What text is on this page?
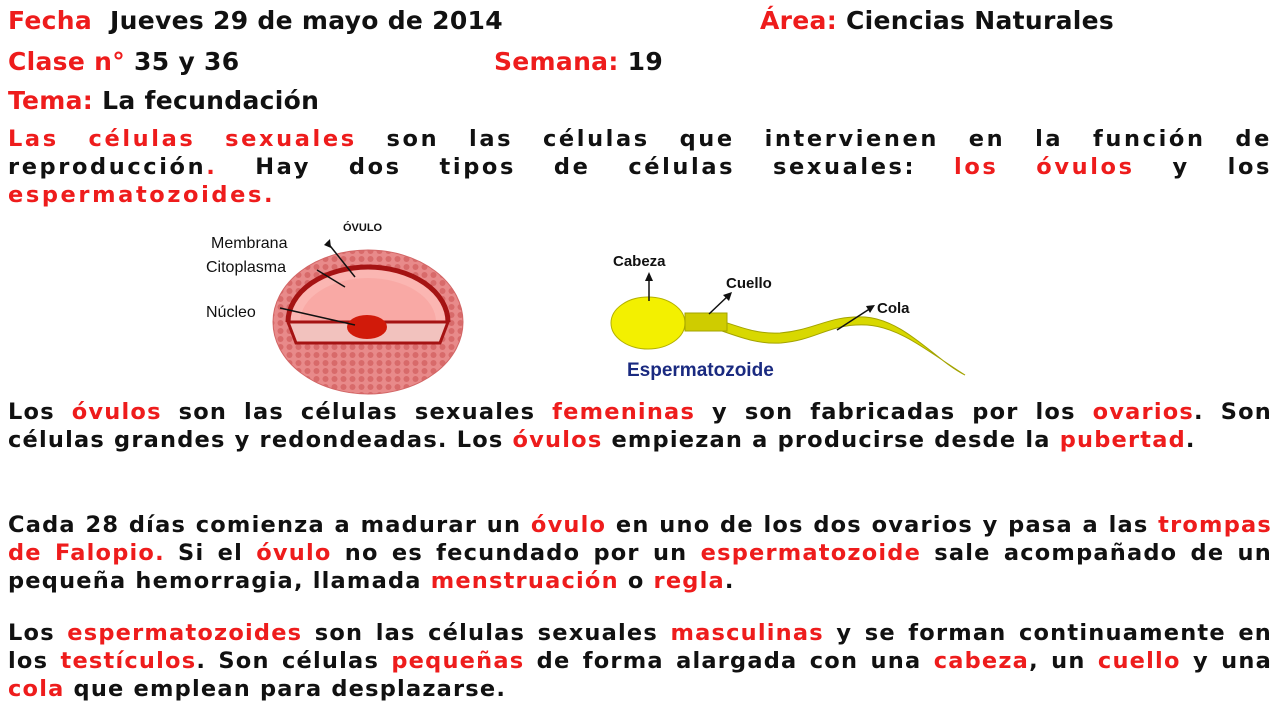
Fecha Jueves 29 de mayo de 2014	Área: Ciencias Naturales
Clase n° 35 y 36	Semana: 19
Tema: La fecundación
Las células sexuales son las células que intervienen en la función de reproducción. Hay dos tipos de células sexuales: los óvulos y los espermatozoides.
ÓVULO
Membrana
Citoplasma
Núcleo
Cabeza
Cuello
Cola
Espermatozoide
Los óvulos son las células sexuales femeninas y son fabricadas por los ovarios. Son células grandes y redondeadas. Los óvulos empiezan a producirse desde la pubertad.
Cada 28 días comienza a madurar un óvulo en uno de los dos ovarios y pasa a las trompas de Falopio. Si el óvulo no es fecundado por un espermatozoide sale acompañado de un pequeña hemorragia, llamada menstruación o regla.
Los espermatozoides son las células sexuales masculinas y se forman continuamente en los testículos. Son células pequeñas de forma alargada con una cabeza, un cuello y una cola que emplean para desplazarse.
